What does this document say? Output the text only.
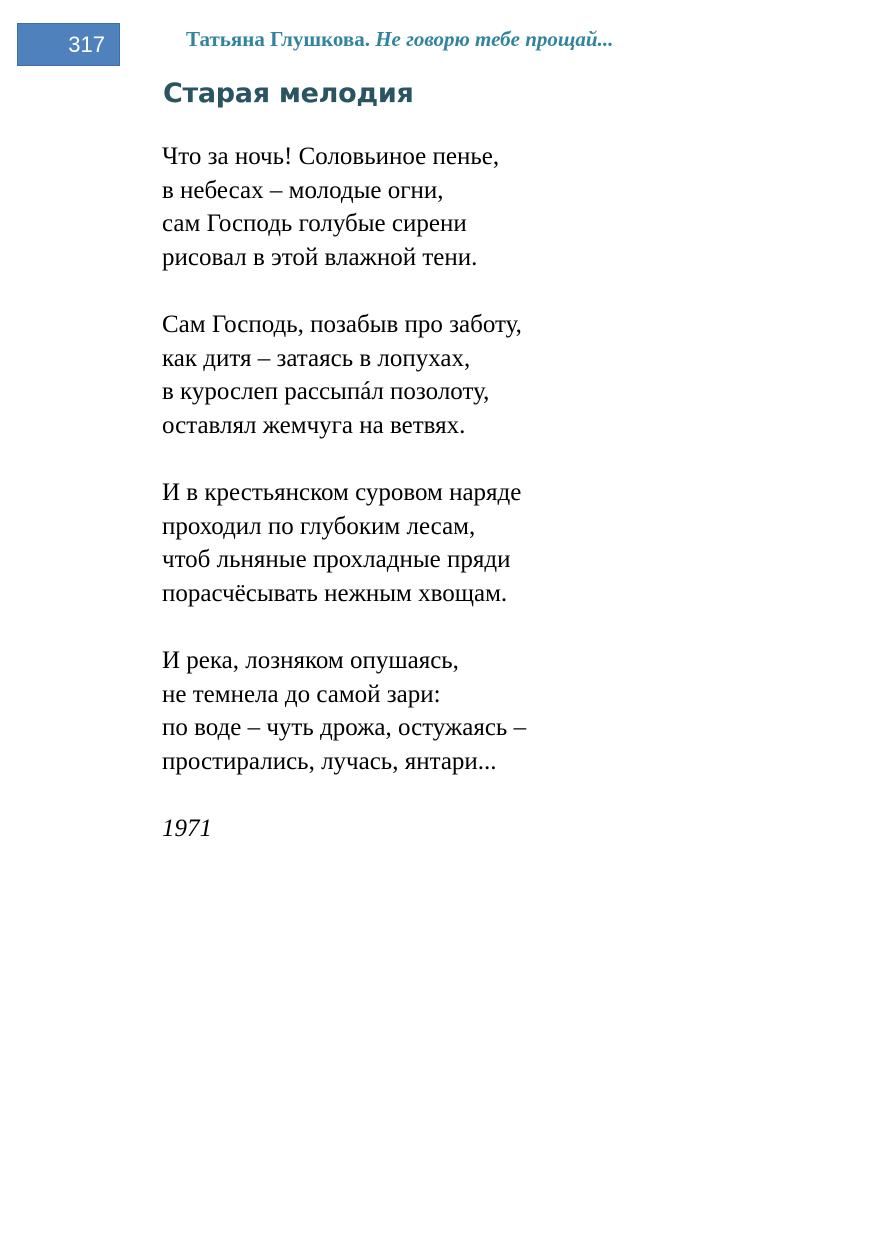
317	Татьяна Глушкова. Не говорю тебе прощай...
Старая мелодия

Что за ночь! Соловьиное пенье,
в небесах – молодые огни,
сам Господь голубые сирени
рисовал в этой влажной тени.

Сам Господь, позабыв про заботу,
как дитя – затаясь в лопухах,
в курослеп рассыпáл позолоту,
оставлял жемчуга на ветвях.

И в крестьянском суровом наряде
проходил по глубоким лесам,
чтоб льняные прохладные пряди
порасчёсывать нежным хвощам.

И река, лозняком опушаясь,
не темнела до самой зари:
по воде – чуть дрожа, остужаясь –
простирались, лучась, янтари...

1971
